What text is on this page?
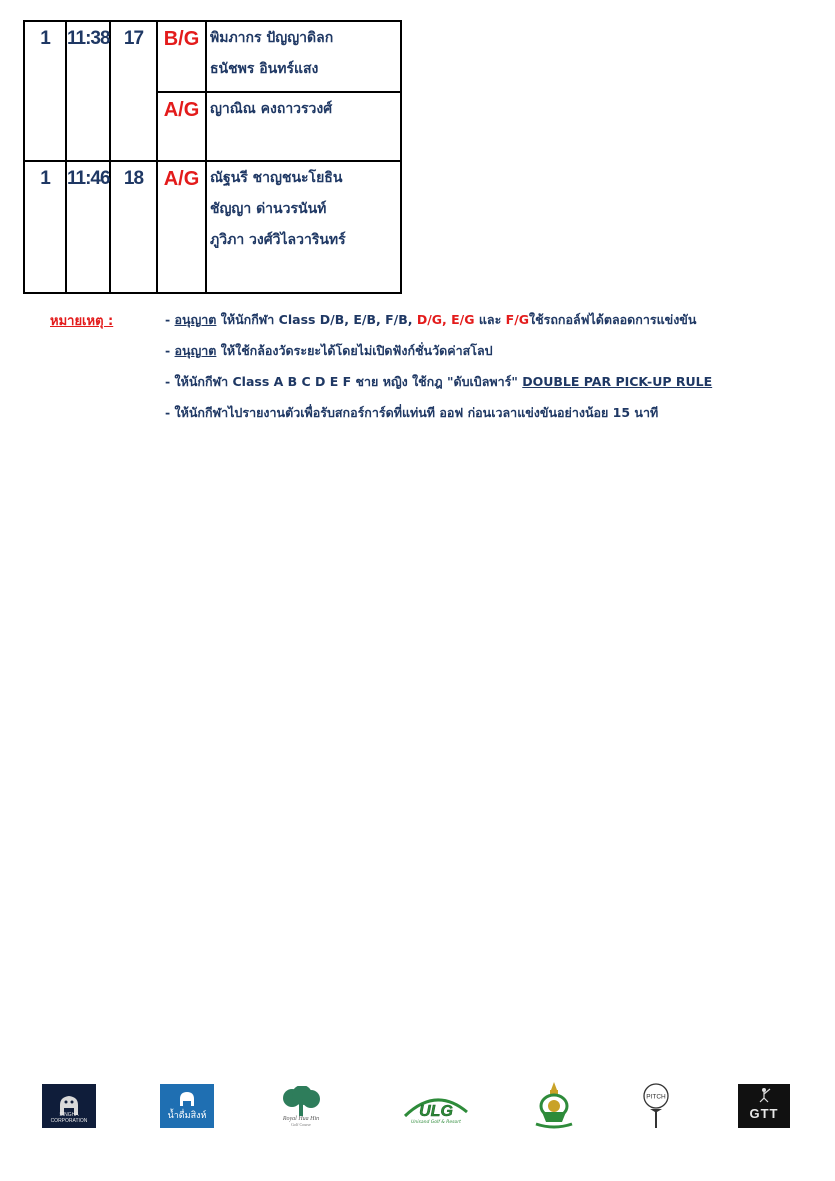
1	11:38	17	B/G	พิมภากร ปัญญาดิลก
ธนัชพร อินทร์แสง

			A/G	ญาณิณ คงถาวรวงศ์

1	11:46	18	A/G	ณัฐนรี ชาญชนะโยธิน
ชัญญา ด่านวรนันท์
ภูวิภา วงศ์วิไลวารินทร์
หมายเหตุ :	- อนุญาต ให้นักกีฬา Class D/B, E/B, F/B, D/G, E/G และ F/Gใช้รถกอล์ฟได้ตลอดการแข่งขัน
- อนุญาต ให้ใช้กล้องวัดระยะได้โดยไม่เปิดฟังก์ชั่นวัดค่าสโลป
- ให้นักกีฬา Class A B C D E F ชาย หญิง ใช้กฎ "ดับเบิลพาร์" DOUBLE PAR PICK-UP RULE
- ให้นักกีฬาไปรายงานตัวเพื่อรับสกอร์การ์ดที่แท่นที ออฟ ก่อนเวลาแข่งขันอย่างน้อย 15 นาที
SINGHA CORPORATION	น้ำดื่มสิงห์	Royal Hua Hin
Golf Course
ULG
Unisand Golf & Resort
PITCH
GTT
